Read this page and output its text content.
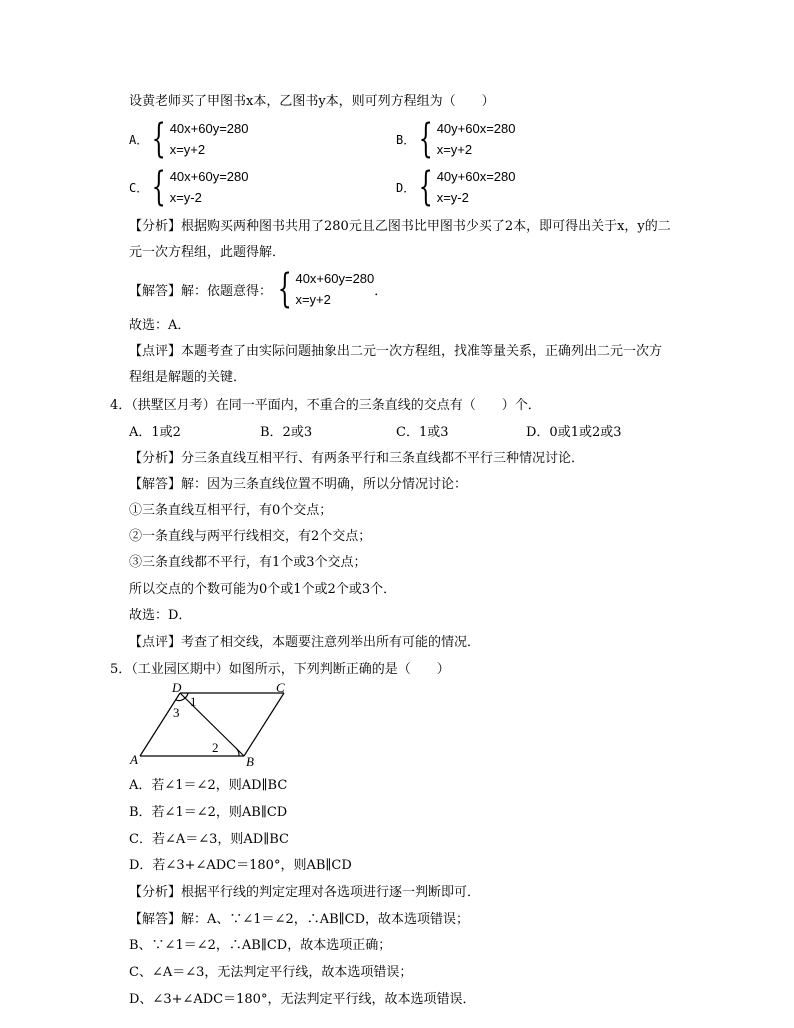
设黄老师买了甲图书x本，乙图书y本，则可列方程组为（　　）
A． { 40x+60y=280
x=y+2
B． { 40y+60x=280
x=y+2
C． { 40x+60y=280
x=y-2
D． { 40y+60x=280
x=y-2
【分析】根据购买两种图书共用了280元且乙图书比甲图书少买了2本，即可得出关于x，y的二
元一次方程组，此题得解．
【解答】解：依题意得： { 40x+60y=280
x=y+2
．
故选：A．
【点评】本题考查了由实际问题抽象出二元一次方程组，找准等量关系，正确列出二元一次方
程组是解题的关键．
4．（拱墅区月考）在同一平面内，不重合的三条直线的交点有（　　）个．
A．1或2	B．2或3	C．1或3	D．0或1或2或3
【分析】分三条直线互相平行、有两条平行和三条直线都不平行三种情况讨论．
【解答】解：因为三条直线位置不明确，所以分情况讨论：
①三条直线互相平行，有0个交点；
②一条直线与两平行线相交，有2个交点；
③三条直线都不平行，有1个或3个交点；
所以交点的个数可能为0个或1个或2个或3个．
故选：D．
【点评】考查了相交线，本题要注意列举出所有可能的情况．
5．（工业园区期中）如图所示，下列判断正确的是（　　）
D	C
A	B
1
2
3
A．若∠1＝∠2，则AD∥BC
B．若∠1＝∠2，则AB∥CD
C．若∠A＝∠3，则AD∥BC
D．若∠3+∠ADC＝180°，则AB∥CD
【分析】根据平行线的判定定理对各选项进行逐一判断即可．
【解答】解：A、∵∠1＝∠2，∴AB∥CD，故本选项错误；
B、∵∠1＝∠2，∴AB∥CD，故本选项正确；
C、∠A＝∠3，无法判定平行线，故本选项错误；
D、∠3+∠ADC＝180°，无法判定平行线，故本选项错误．
